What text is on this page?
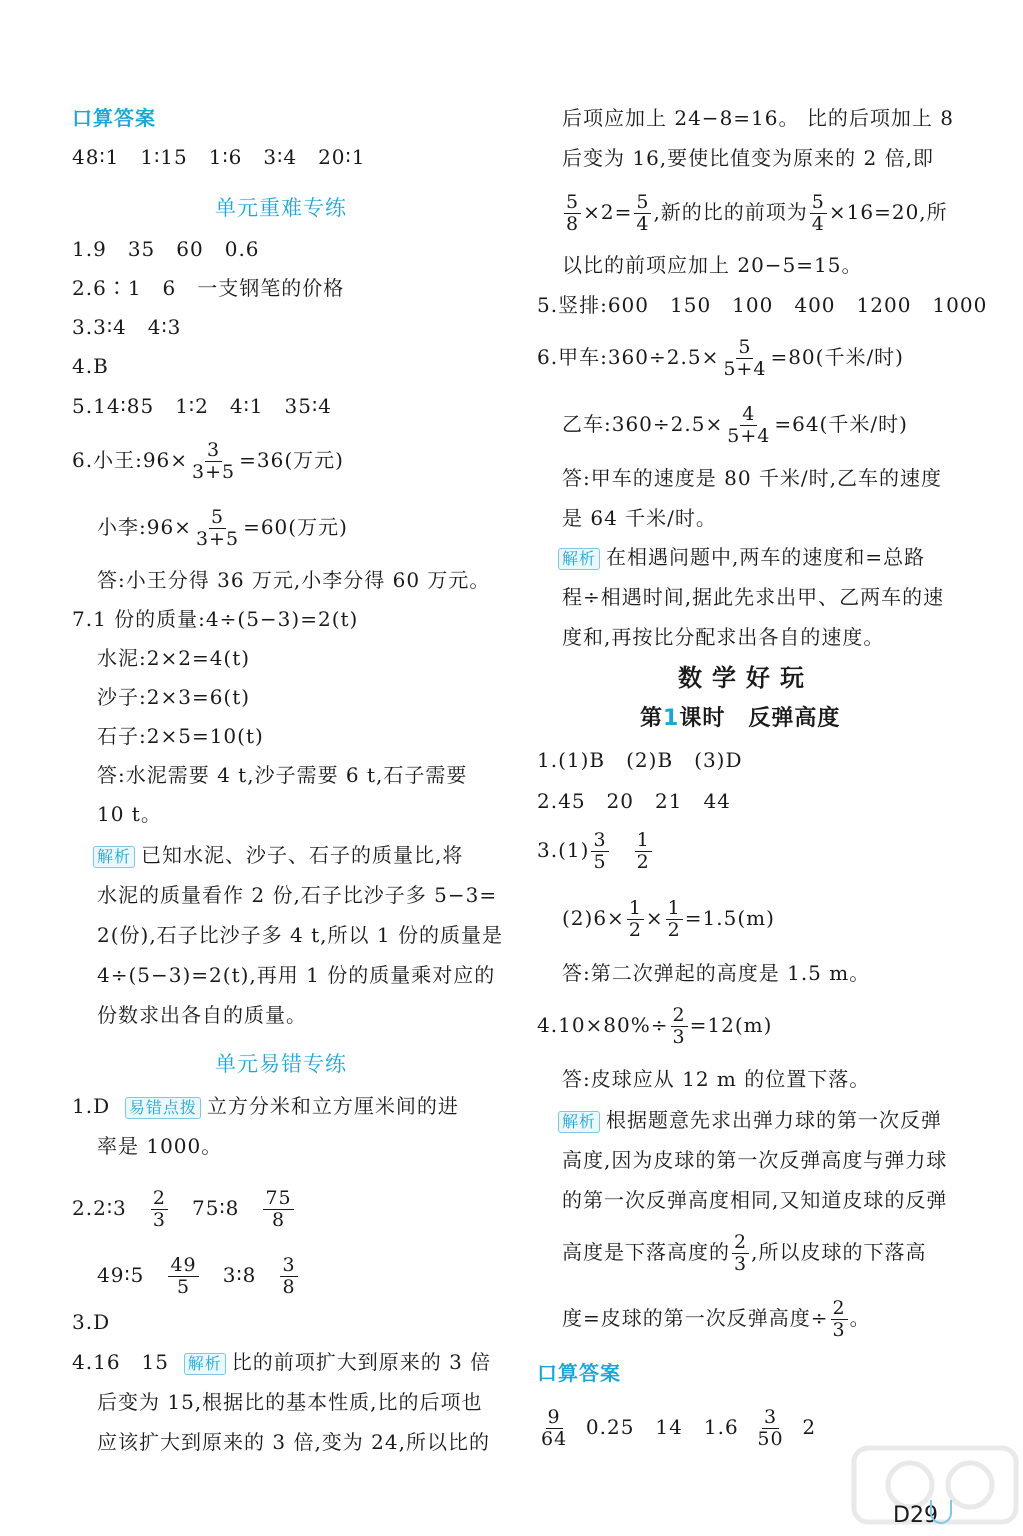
口算答案
48∶1　1∶15　1∶6　3∶4　20∶1
单元重难专练
1.9　35　60　0.6
2.6∶1　6　一支钢笔的价格
3.3∶4　4∶3
4.B
5.14∶85　1∶2　4∶1　35∶4
6.小王:96× $\frac{3}{3+5} =36$(万元)
小李:96× $\frac{5}{3+5} =60$(万元)
答:小王分得 36 万元,小李分得 60 万元。
7.1 份的质量:4÷(5−3)=2(t)
水泥:2×2=4(t)
沙子:2×3=6(t)
石子:2×5=10(t)
答:水泥需要 4 t,沙子需要 6 t,石子需要
10 t。
解析 已知水泥、沙子、石子的质量比,将
水泥的质量看作 2 份,石子比沙子多 5−3=
2(份),石子比沙子多 4 t,所以 1 份的质量是
4÷(5−3)=2(t),再用 1 份的质量乘对应的
份数求出各自的质量。
单元易错专练
1.D 易错点拨 立方分米和立方厘米间的进
率是 1000。
2.2∶3 $\frac{2}{3}$ 75∶8 $\frac{75}{8}$
49∶5 $\frac{49}{5}$ 3∶8 $\frac{3}{8}$
3.D
4.16　15 解析 比的前项扩大到原来的 3 倍
后变为 15,根据比的基本性质,比的后项也
应该扩大到原来的 3 倍,变为 24,所以比的
后项应加上 24−8=16。 比的后项加上 8
后变为 16,要使比值变为原来的 2 倍,即
$\frac{5}{8} \times 2= \frac{5}{4}$ ,新的比的前项为 $\frac{5}{4} \times 16=20$,所
以比的前项应加上 20−5=15。
5.竖排:600　150　100　400　1200　1000
6.甲车:360÷2.5× $\frac{5}{5+4} =80$(千米/时)
乙车:360÷2.5× $\frac{4}{5+4} =64$(千米/时)
答:甲车的速度是 80 千米/时,乙车的速度
是 64 千米/时。
解析 在相遇问题中,两车的速度和=总路
程÷相遇时间,据此先求出甲、乙两车的速
度和,再按比分配求出各自的速度。
数学好玩
第1课时　反弹高度
1.(1)B　(2)B　(3)D
2.45　20　21　44
$3.(1) \frac{3}{5}$
$\frac{1}{2}$
$(2)6\times \frac{1}{2} \times \frac{1}{2} =1.5(m)$
答:第二次弹起的高度是 1.5 m。
$4.10\times 80\%\div \frac{2}{3} =12(m)$
答:皮球应从 12 m 的位置下落。
解析 根据题意先求出弹力球的第一次反弹
高度,因为皮球的第一次反弹高度与弹力球
的第一次反弹高度相同,又知道皮球的反弹
高度是下落高度的 $\frac{2}{3}$ ,所以皮球的下落高
度=皮球的第一次反弹高度÷ $\frac{2}{3}$ 。
口算答案
$\frac{9}{64} 0.25$　14　$1.6 \frac{3}{50} 2$
D29
